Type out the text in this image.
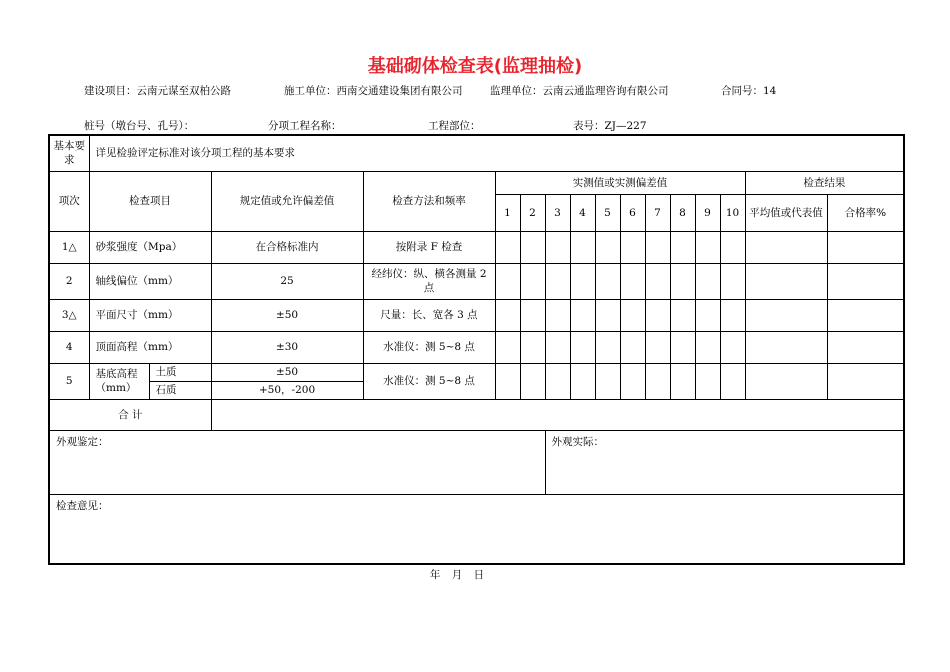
基础砌体检查表(监理抽检)
建设项目：云南元谋至双柏公路	施工单位：西南交通建设集团有限公司	监理单位：云南云通监理咨询有限公司	合同号：14
桩号（墩台号、孔号）：	分项工程名称：	工程部位：	表号：ZJ—227
基本要求	详见检验评定标准对该分项工程的基本要求															
项次	检查项目		规定值或允许偏差值	检查方法和频率	实测值或实测偏差值										检查结果	
					1	2	3	4	5	6	7	8	9	10	平均值或代表值	合格率%
1△	砂浆强度（Mpa）		在合格标准内	按附录 F 检查												
2	轴线偏位（mm）		25	经纬仪：纵、横各测量 2 点												
3△	平面尺寸（mm）		±50	尺量：长、宽各 3 点												
4	顶面高程（mm）		±30	水准仪：测 5~8 点												
5	基底高程（mm）	土质	±50	水准仪：测 5~8 点												
		石质	+50，-200													
合 计																
外观鉴定：							外观实际：									
检查意见：																
年 月 日
